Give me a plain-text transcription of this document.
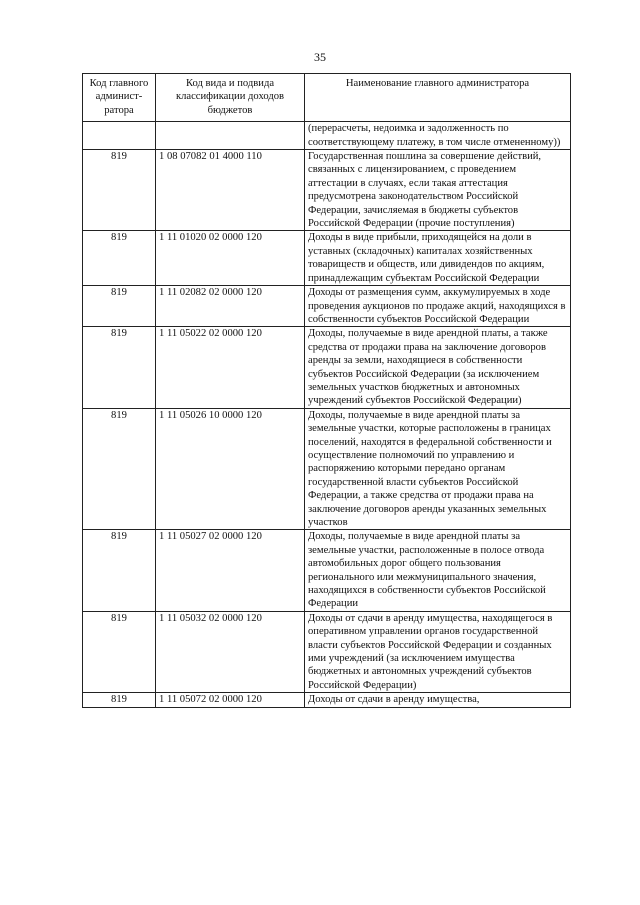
35
Код главного админист-ратора	Код вида и подвида классификации доходов бюджетов	Наименование главного администратора
		(перерасчеты, недоимка и задолженность по соответствующему платежу, в том числе отмененному))
819	1 08 07082 01 4000 110	Государственная пошлина за совершение действий, связанных с лицензированием, с проведением аттестации в случаях, если такая аттестация предусмотрена законодательством Российской Федерации, зачисляемая в бюджеты субъектов Российской Федерации (прочие поступления)
819	1 11 01020 02 0000 120	Доходы в виде прибыли, приходящейся на доли в уставных (складочных) капиталах хозяйственных товариществ и обществ, или дивидендов по акциям, принадлежащим субъектам Российской Федерации
819	1 11 02082 02 0000 120	Доходы от размещения сумм, аккумулируемых в ходе проведения аукционов по продаже акций, находящихся в собственности субъектов Российской Федерации
819	1 11 05022 02 0000 120	Доходы, получаемые в виде арендной платы, а также средства от продажи права на заключение договоров аренды за земли, находящиеся в собственности субъектов Российской Федерации (за исключением земельных участков бюджетных и автономных учреждений субъектов Российской Федерации)
819	1 11 05026 10 0000 120	Доходы, получаемые в виде арендной платы за земельные участки, которые расположены в границах поселений, находятся в федеральной собственности и осуществление полномочий по управлению и распоряжению которыми передано органам государственной власти субъектов Российской Федерации, а также средства от продажи права на заключение договоров аренды указанных земельных участков
819	1 11 05027 02 0000 120	Доходы, получаемые в виде арендной платы за земельные участки, расположенные в полосе отвода автомобильных дорог общего пользования регионального или межмуниципального значения, находящихся в собственности субъектов Российской Федерации
819	1 11 05032 02 0000 120	Доходы от сдачи в аренду имущества, находящегося в оперативном управлении органов государственной власти субъектов Российской Федерации и созданных ими учреждений (за исключением имущества бюджетных и автономных учреждений субъектов Российской Федерации)
819	1 11 05072 02 0000 120	Доходы от сдачи в аренду имущества,
